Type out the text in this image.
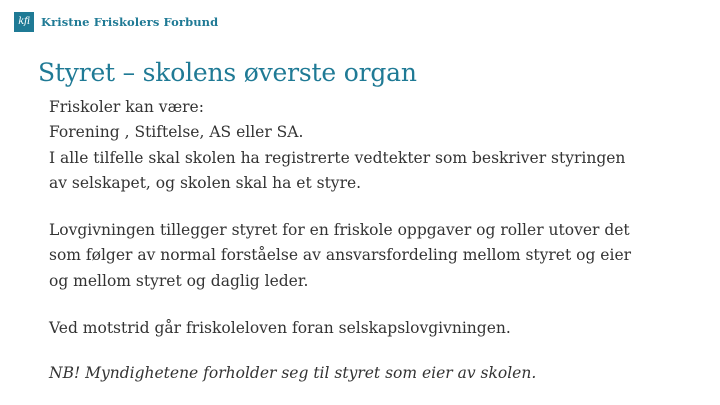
kfi Kristne Friskolers Forbund
Styret – skolens øverste organ

Friskoler kan være:

Forening , Stiftelse, AS eller SA.

I alle tilfelle skal skolen ha registrerte vedtekter som beskriver styringen

av selskapet, og skolen skal ha et styre.

Lovgivningen tillegger styret for en friskole oppgaver og roller utover det

som følger av normal forståelse av ansvarsfordeling mellom styret og eier

og mellom styret og daglig leder.

Ved motstrid går friskoleloven foran selskapslovgivningen.

NB! Myndighetene forholder seg til styret som eier av skolen.
